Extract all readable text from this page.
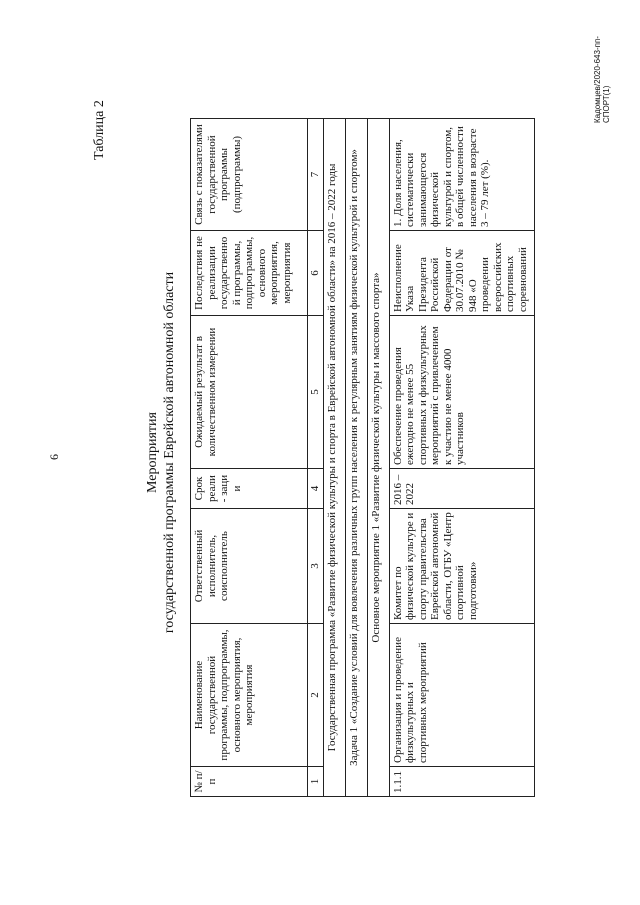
6
Таблица 2
Мероприятия государственной программы Еврейской автономной области
№ п/п	Наименование государственной программы, подпрограммы, основного мероприятия, мероприятия	Ответственный исполнитель, соисполнитель	Срок реали - заци и	Ожидаемый результат в количественном измерении	Последствия не реализации государственно й программы, подпрограммы, основного мероприятия, мероприятия	Связь с показателями государственной программы (подпрограммы)
1	2	3	4	5	6	7
Государственная программа «Развитие физической культуры и спорта в Еврейской автономной области» на 2016 – 2022 годы						
Задача 1 «Создание условий для вовлечения различных групп населения к регулярным занятиям физической культурой и спортом»						
Основное мероприятие 1 «Развитие физической культуры и массового спорта»						
1.1.1	Организация и проведение физкультурных и спортивных мероприятий	Комитет по физической культуре и спорту правительства Еврейской автономной области, ОГБУ «Центр спортивной подготовки»	2016 – 2022	Обеспечение проведения ежегодно не менее 55 спортивных и физкультурных мероприятий с привлечением к участию не менее 4000 участников	Неисполнение Указа Президента Российской Федерации от 30.07.2010 № 948 «О проведении всероссийских спортивных соревнований	1. Доля населения, систематически занимающегося физической культурой и спортом, в общей численности населения в возрасте 3 – 79 лет (%).
Кадомцев/2020-643-пп-СПОРТ(1)
